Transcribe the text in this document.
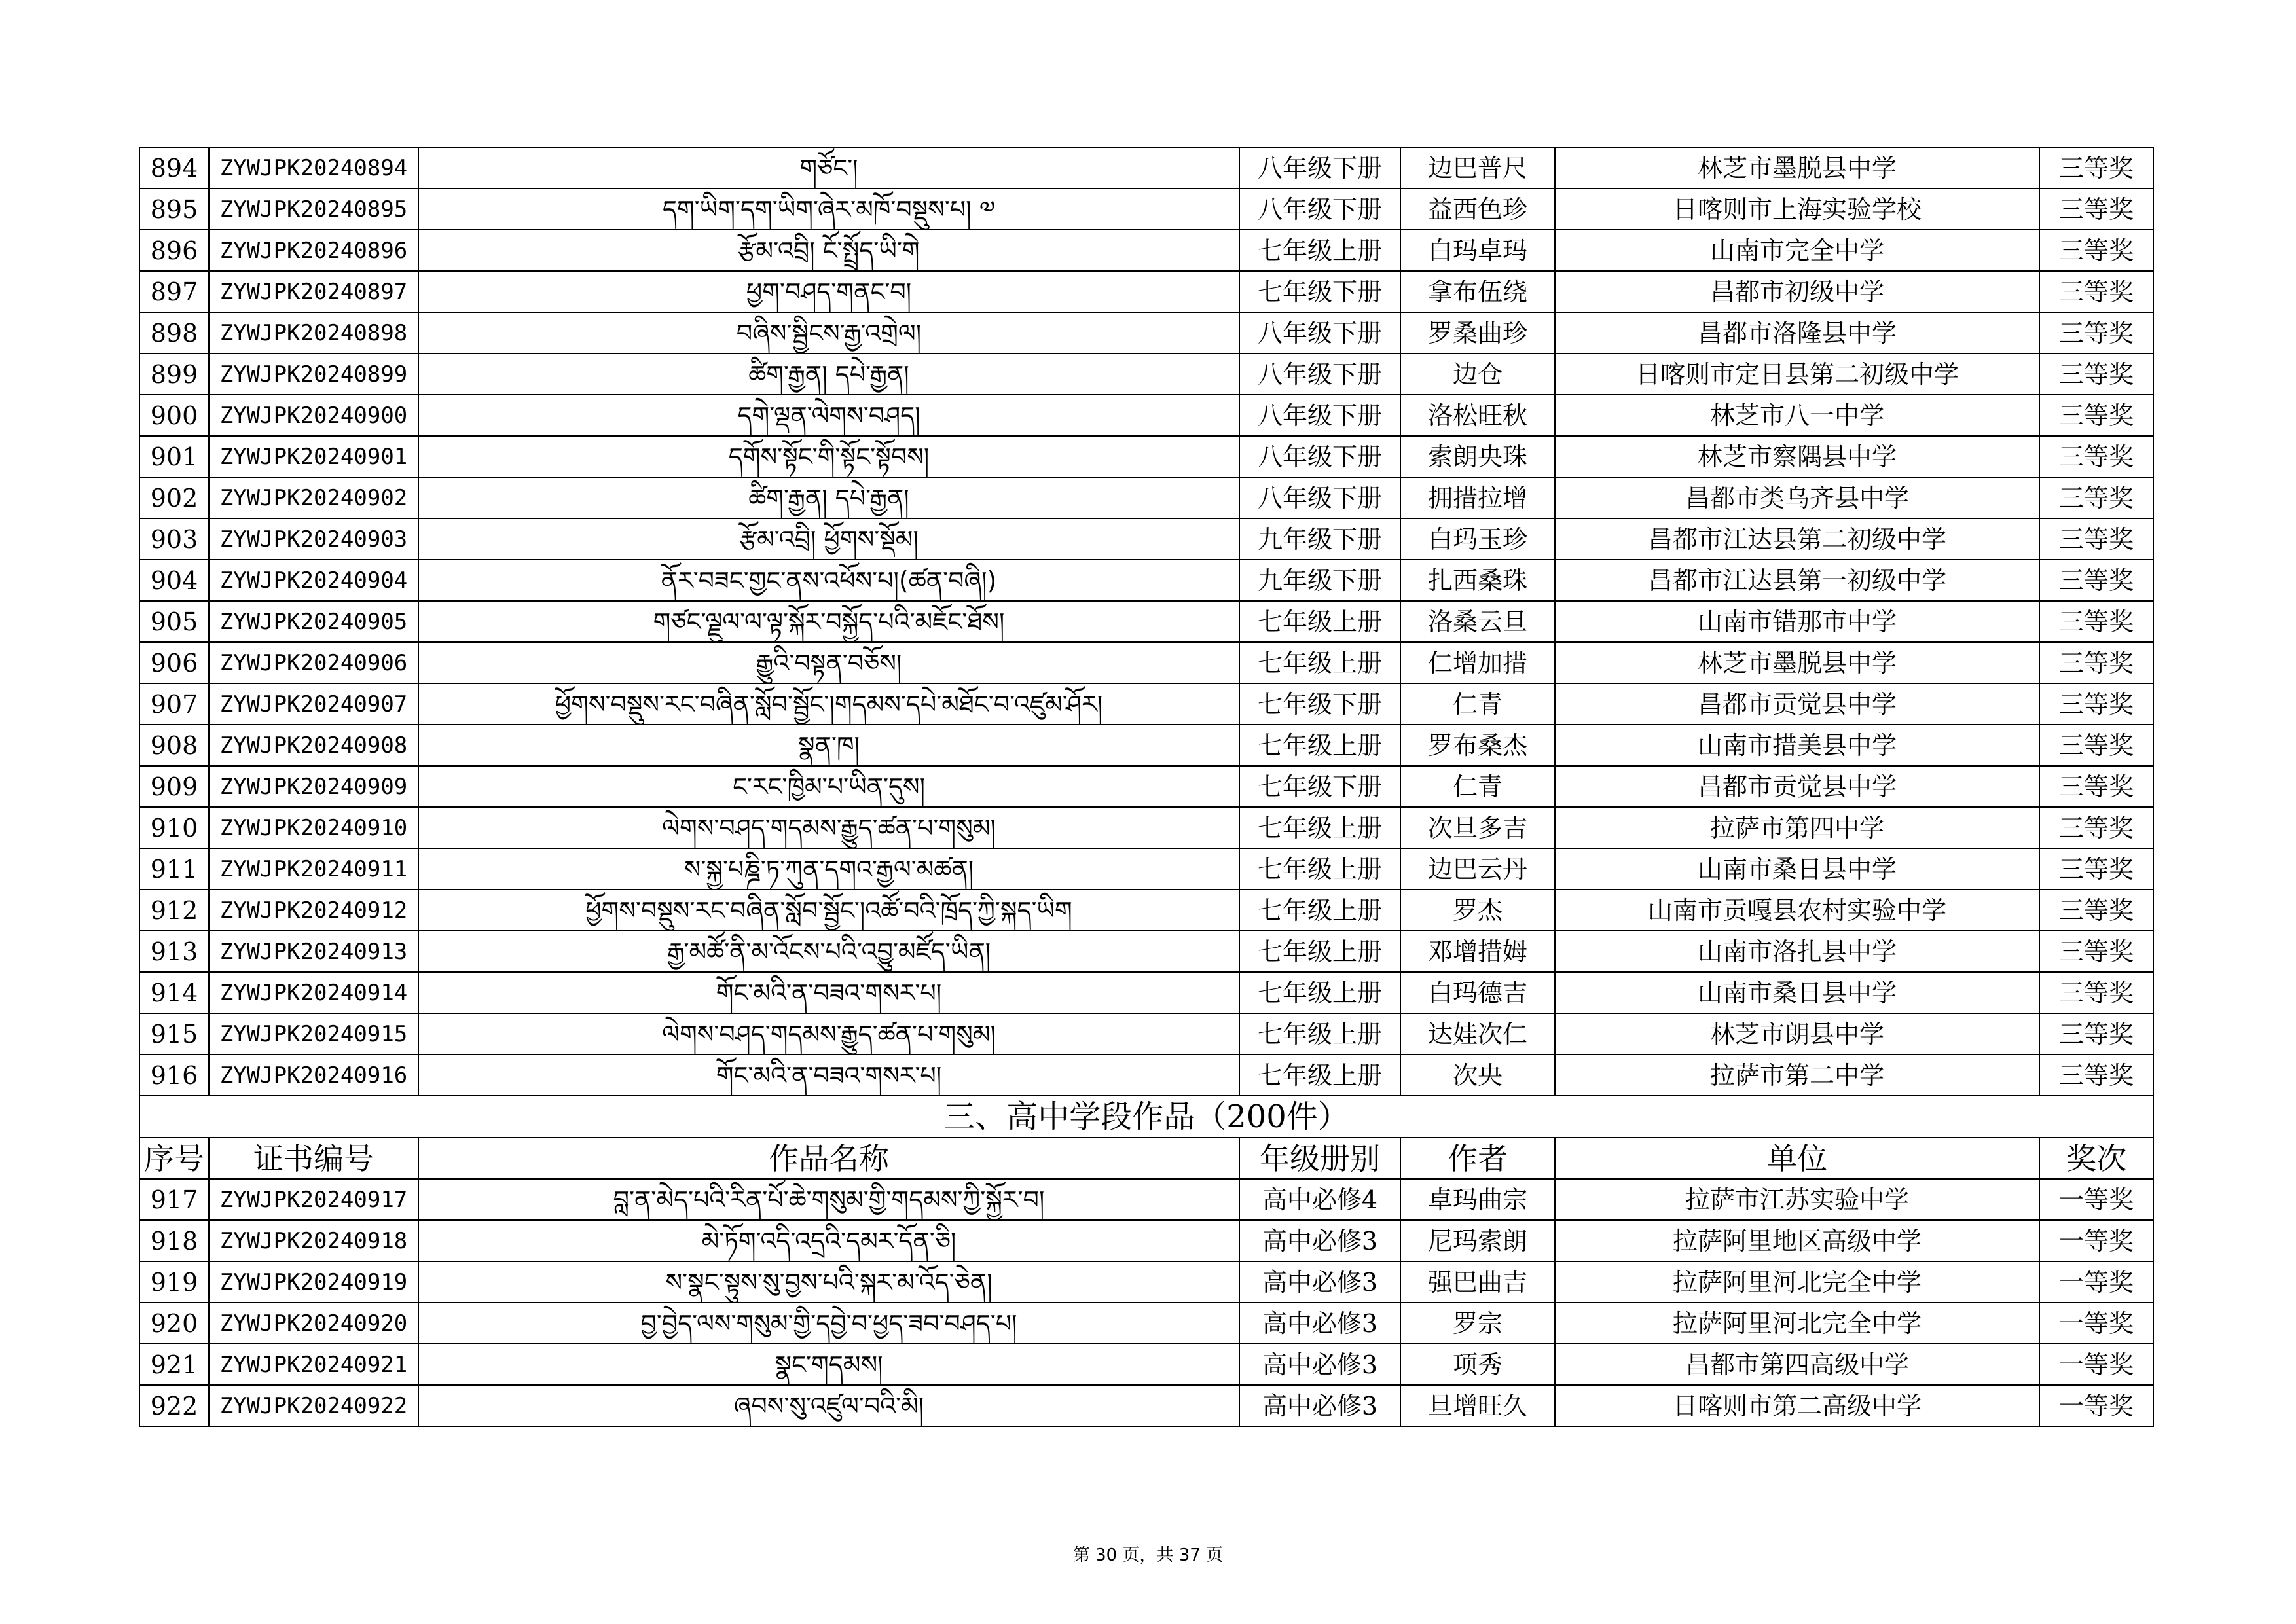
894	ZYWJPK20240894	གཙོང་།	八年级下册	边巴普尺	林芝市墨脱县中学	三等奖
895	ZYWJPK20240895	དག་ཡིག་དག་ཡིག་ཞེར་མཁོ་བསྡུས་པ། ༧	八年级下册	益西色珍	日喀则市上海实验学校	三等奖
896	ZYWJPK20240896	རྩོམ་འབྲི། ངོ་སྤྲོད་ཡི་གེ	七年级上册	白玛卓玛	山南市完全中学	三等奖
897	ZYWJPK20240897	ཕྱག་བཤད་གནང་བ།	七年级下册	拿布伍绕	昌都市初级中学	三等奖
898	ZYWJPK20240898	བཞིས་སྦྱིངས་རྒྱ་འགྲེལ།	八年级下册	罗桑曲珍	昌都市洛隆县中学	三等奖
899	ZYWJPK20240899	ཚིག་རྒྱན། དཔེ་རྒྱན།	八年级下册	边仓	日喀则市定日县第二初级中学	三等奖
900	ZYWJPK20240900	དགེ་ལྡན་ལེགས་བཤད།	八年级下册	洛松旺秋	林芝市八一中学	三等奖
901	ZYWJPK20240901	དགོས་སྟོང་གི་སྟོང་སྟོབས།	八年级下册	索朗央珠	林芝市察隅县中学	三等奖
902	ZYWJPK20240902	ཚིག་རྒྱན། དཔེ་རྒྱན།	八年级下册	拥措拉增	昌都市类乌齐县中学	三等奖
903	ZYWJPK20240903	རྩོམ་འབྲི། ཕྱོགས་སྡོམ།	九年级下册	白玛玉珍	昌都市江达县第二初级中学	三等奖
904	ZYWJPK20240904	ནོར་བཟང་གྱང་ནས་འཕོས་པ།(ཚན་བཞི།)	九年级下册	扎西桑珠	昌都市江达县第一初级中学	三等奖
905	ZYWJPK20240905	གཙང་ལྗུལ་ལ་ལྟ་སྐོར་བསྐྱོད་པའི་མཇོང་ཐོས།	七年级上册	洛桑云旦	山南市错那市中学	三等奖
906	ZYWJPK20240906	རྒྱུའི་བསྟན་བཅོས།	七年级上册	仁增加措	林芝市墨脱县中学	三等奖
907	ZYWJPK20240907	ཕྱོགས་བསྡུས་རང་བཞིན་སློབ་སྦྱོང་།གདམས་དཔེ་མཐོང་བ་འཛུམ་ཤོར།	七年级下册	仁青	昌都市贡觉县中学	三等奖
908	ZYWJPK20240908	སྣན་ཁ།	七年级上册	罗布桑杰	山南市措美县中学	三等奖
909	ZYWJPK20240909	ང་རང་ཁྱིམ་པ་ཡིན་དུས།	七年级下册	仁青	昌都市贡觉县中学	三等奖
910	ZYWJPK20240910	ལེགས་བཤད་གདམས་རྒྱུད་ཚན་པ་གསུམ།	七年级上册	次旦多吉	拉萨市第四中学	三等奖
911	ZYWJPK20240911	ས་སྐྱ་པཎྜི་ཏ་ཀུན་དགའ་རྒྱལ་མཚན།	七年级上册	边巴云丹	山南市桑日县中学	三等奖
912	ZYWJPK20240912	ཕྱོགས་བསྡུས་རང་བཞིན་སློབ་སྦྱོང་།འཚོ་བའི་ཁྲོད་ཀྱི་སྐད་ཡིག	七年级上册	罗杰	山南市贡嘎县农村实验中学	三等奖
913	ZYWJPK20240913	རྒྱ་མཚོ་ནི་མ་འོངས་པའི་འབྱུ་མཛོད་ཡིན།	七年级上册	邓增措姆	山南市洛扎县中学	三等奖
914	ZYWJPK20240914	གོང་མའི་ན་བཟའ་གསར་པ།	七年级上册	白玛德吉	山南市桑日县中学	三等奖
915	ZYWJPK20240915	ལེགས་བཤད་གདམས་རྒྱུད་ཚན་པ་གསུམ།	七年级上册	达娃次仁	林芝市朗县中学	三等奖
916	ZYWJPK20240916	གོང་མའི་ན་བཟའ་གསར་པ།	七年级上册	次央	拉萨市第二中学	三等奖
三、高中学段作品（200件）						
序号	证书编号	作品名称	年级册别	作者	单位	奖次
917	ZYWJPK20240917	བླ་ན་མེད་པའི་རིན་པོ་ཆེ་གསུམ་གྱི་གདམས་ཀྱི་སྐྱོར་བ།	高中必修4	卓玛曲宗	拉萨市江苏实验中学	一等奖
918	ZYWJPK20240918	མེ་ཏོག་འདི་འདྲའི་དམར་དོན་ཅི།	高中必修3	尼玛索朗	拉萨阿里地区高级中学	一等奖
919	ZYWJPK20240919	ས་སྣང་སྟུས་སུ་བྱས་པའི་སྐར་མ་འོད་ཅེན།	高中必修3	强巴曲吉	拉萨阿里河北完全中学	一等奖
920	ZYWJPK20240920	བྱ་བྱེད་ལས་གསུམ་གྱི་དབྱེ་བ་ཕྱད་ཟབ་བཤད་པ།	高中必修3	罗宗	拉萨阿里河北完全中学	一等奖
921	ZYWJPK20240921	སྣང་གདམས།	高中必修3	项秀	昌都市第四高级中学	一等奖
922	ZYWJPK20240922	ཞབས་སུ་འཛུལ་བའི་མི།	高中必修3	旦增旺久	日喀则市第二高级中学	一等奖
第 30 页，共 37 页
